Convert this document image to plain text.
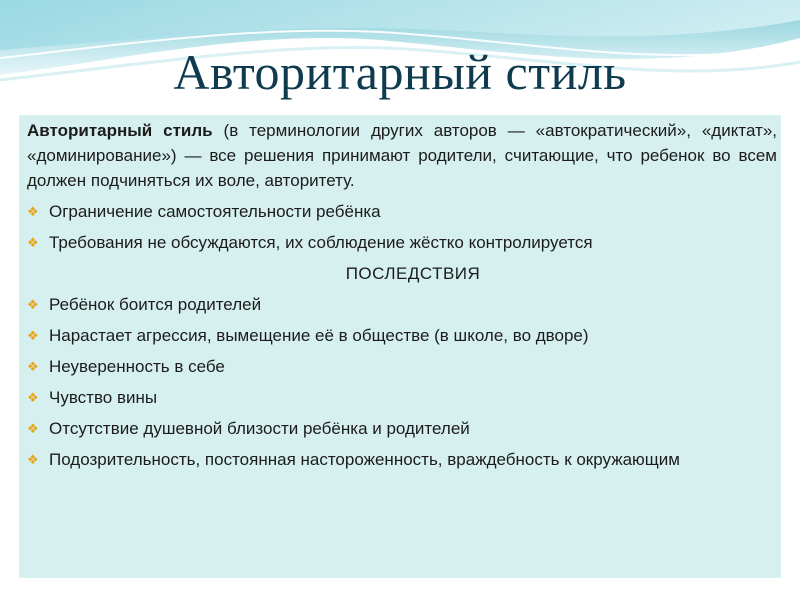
Авторитарный стиль

Авторитарный стиль (в терминологии других авторов — «автократический», «диктат», «доминирование») — все решения принимают родители, считающие, что ребенок во всем должен подчиняться их воле, авторитету.

❖ Ограничение самостоятельности ребёнка
❖ Требования не обсуждаются, их соблюдение жёстко контролируется
ПОСЛЕДСТВИЯ
❖ Ребёнок боится родителей
❖ Нарастает агрессия, вымещение её в обществе (в школе, во дворе)
❖ Неуверенность в себе
❖ Чувство вины
❖ Отсутствие душевной близости ребёнка и родителей
❖ Подозрительность, постоянная настороженность, враждебность к окружающим
